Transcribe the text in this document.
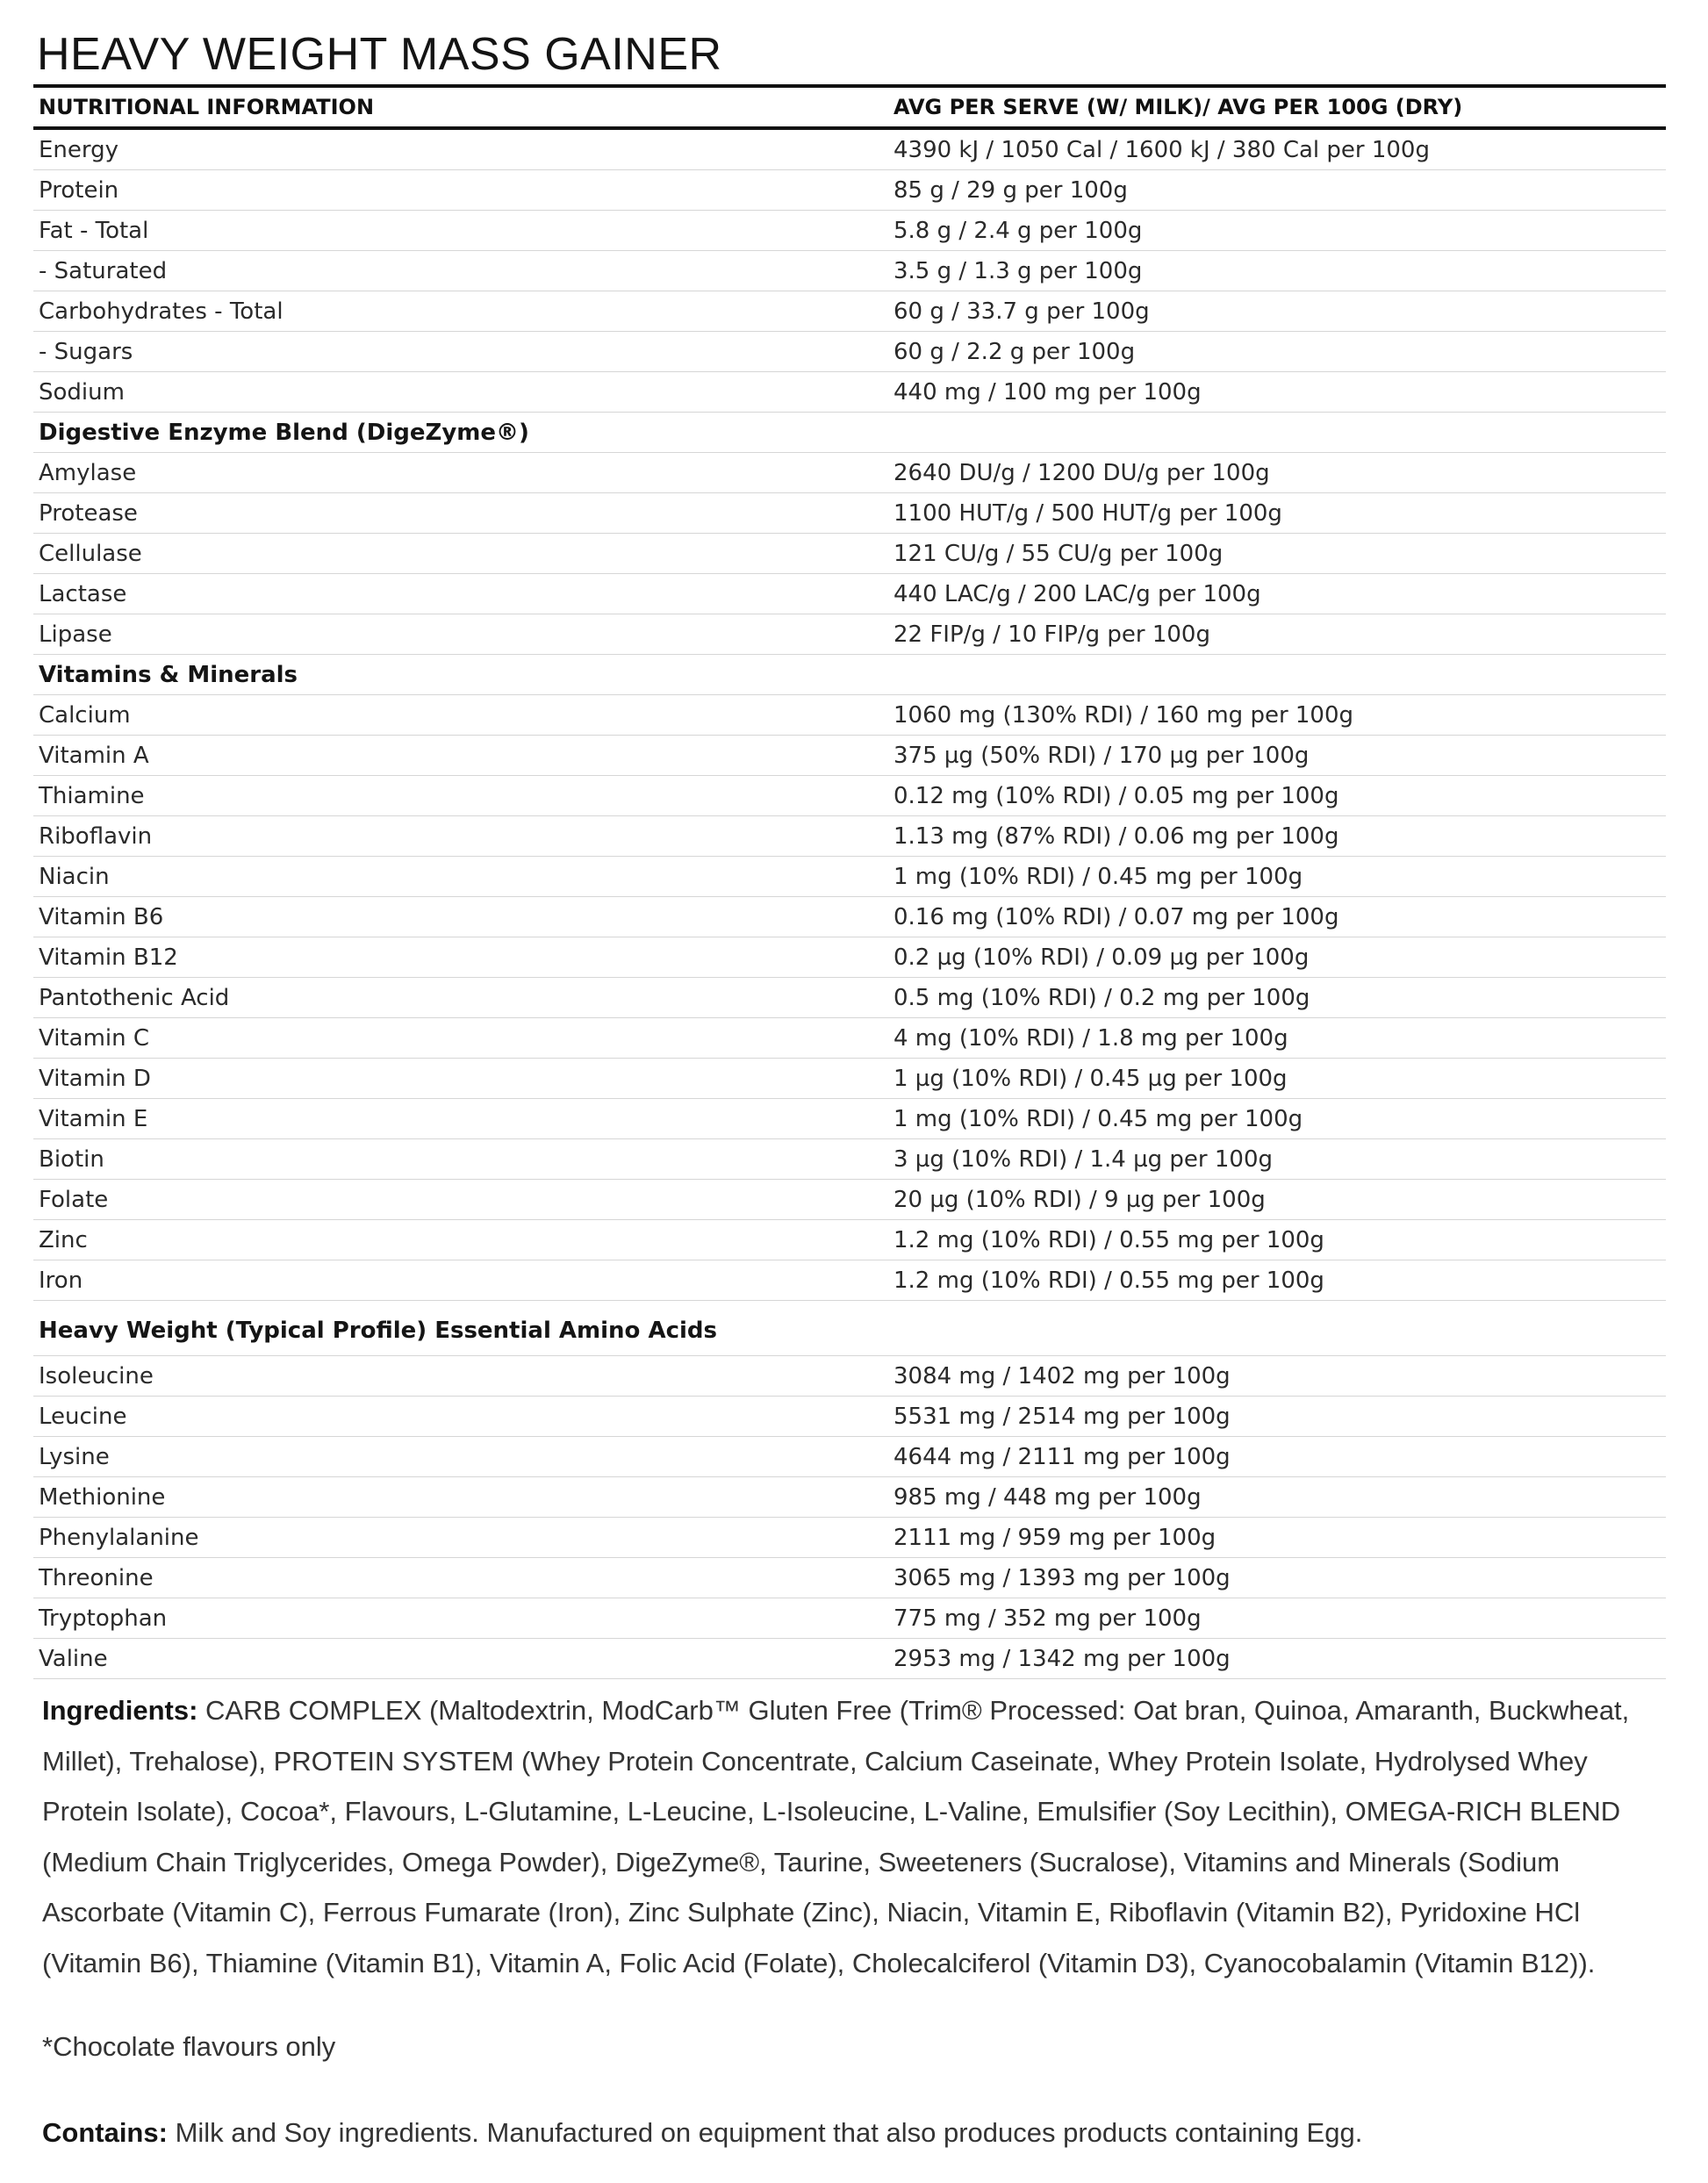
HEAVY WEIGHT MASS GAINER
NUTRITIONAL INFORMATION	AVG PER SERVE (W/ MILK)/ AVG PER 100G (DRY)
Energy	4390 kJ / 1050 Cal / 1600 kJ / 380 Cal per 100g
Protein	85 g / 29 g per 100g
Fat - Total	5.8 g / 2.4 g per 100g
- Saturated	3.5 g / 1.3 g per 100g
Carbohydrates - Total	60 g / 33.7 g per 100g
- Sugars	60 g / 2.2 g per 100g
Sodium	440 mg / 100 mg per 100g
Digestive Enzyme Blend (DigeZyme®)	
Amylase	2640 DU/g / 1200 DU/g per 100g
Protease	1100 HUT/g / 500 HUT/g per 100g
Cellulase	121 CU/g / 55 CU/g per 100g
Lactase	440 LAC/g / 200 LAC/g per 100g
Lipase	22 FIP/g / 10 FIP/g per 100g
Vitamins & Minerals	
Calcium	1060 mg (130% RDI) / 160 mg per 100g
Vitamin A	375 µg (50% RDI) / 170 µg per 100g
Thiamine	0.12 mg (10% RDI) / 0.05 mg per 100g
Riboflavin	1.13 mg (87% RDI) / 0.06 mg per 100g
Niacin	1 mg (10% RDI) / 0.45 mg per 100g
Vitamin B6	0.16 mg (10% RDI) / 0.07 mg per 100g
Vitamin B12	0.2 µg (10% RDI) / 0.09 µg per 100g
Pantothenic Acid	0.5 mg (10% RDI) / 0.2 mg per 100g
Vitamin C	4 mg (10% RDI) / 1.8 mg per 100g
Vitamin D	1 µg (10% RDI) / 0.45 µg per 100g
Vitamin E	1 mg (10% RDI) / 0.45 mg per 100g
Biotin	3 µg (10% RDI) / 1.4 µg per 100g
Folate	20 µg (10% RDI) / 9 µg per 100g
Zinc	1.2 mg (10% RDI) / 0.55 mg per 100g
Iron	1.2 mg (10% RDI) / 0.55 mg per 100g
Heavy Weight (Typical Profile) Essential Amino Acids	
Isoleucine	3084 mg / 1402 mg per 100g
Leucine	5531 mg / 2514 mg per 100g
Lysine	4644 mg / 2111 mg per 100g
Methionine	985 mg / 448 mg per 100g
Phenylalanine	2111 mg / 959 mg per 100g
Threonine	3065 mg / 1393 mg per 100g
Tryptophan	775 mg / 352 mg per 100g
Valine	2953 mg / 1342 mg per 100g

Ingredients: CARB COMPLEX (Maltodextrin, ModCarb™ Gluten Free (Trim® Processed: Oat bran, Quinoa, Amaranth, Buckwheat, Millet), Trehalose), PROTEIN SYSTEM (Whey Protein Concentrate, Calcium Caseinate, Whey Protein Isolate, Hydrolysed Whey Protein Isolate), Cocoa*, Flavours, L-Glutamine, L-Leucine, L-Isoleucine, L-Valine, Emulsifier (Soy Lecithin), OMEGA-RICH BLEND (Medium Chain Triglycerides, Omega Powder), DigeZyme®, Taurine, Sweeteners (Sucralose), Vitamins and Minerals (Sodium Ascorbate (Vitamin C), Ferrous Fumarate (Iron), Zinc Sulphate (Zinc), Niacin, Vitamin E, Riboflavin (Vitamin B2), Pyridoxine HCl (Vitamin B6), Thiamine (Vitamin B1), Vitamin A, Folic Acid (Folate), Cholecalciferol (Vitamin D3), Cyanocobalamin (Vitamin B12)).

*Chocolate flavours only

Contains: Milk and Soy ingredients. Manufactured on equipment that also produces products containing Egg.
